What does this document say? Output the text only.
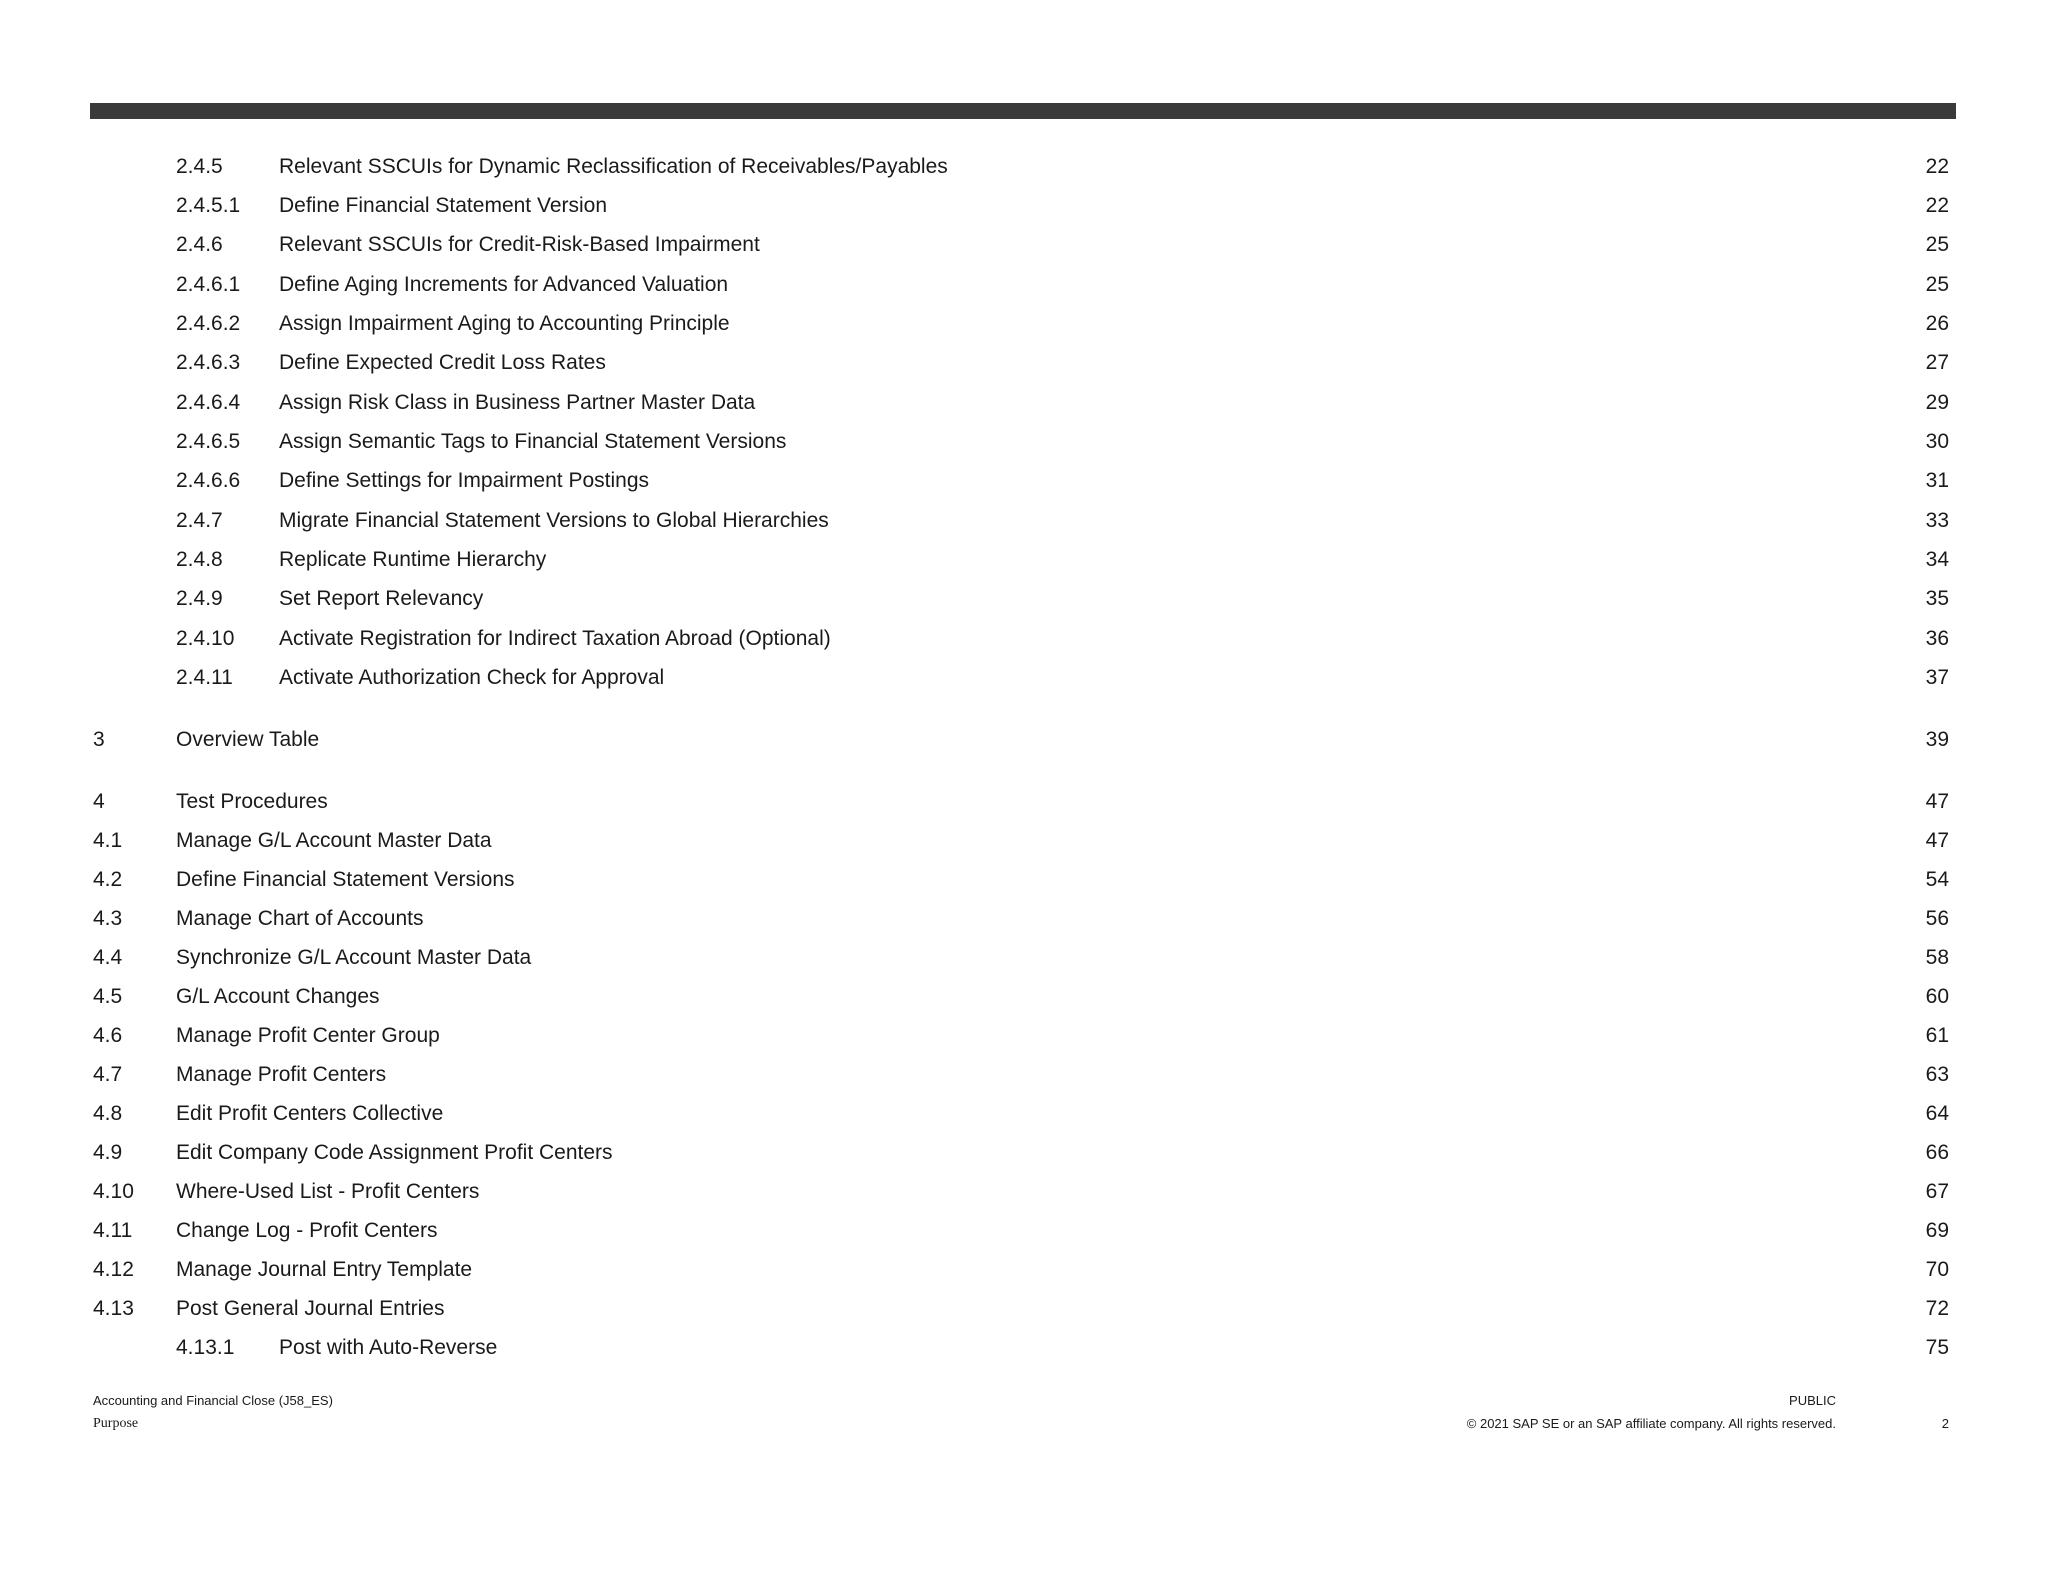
2.4.5	Relevant SSCUIs for Dynamic Reclassification of Receivables/Payables	22
2.4.5.1 Define Financial Statement Version	22
2.4.6	Relevant SSCUIs for Credit-Risk-Based Impairment	25
2.4.6.1 Define Aging Increments for Advanced Valuation	25
2.4.6.2 Assign Impairment Aging to Accounting Principle	26
2.4.6.3 Define Expected Credit Loss Rates	27
2.4.6.4 Assign Risk Class in Business Partner Master Data	29
2.4.6.5 Assign Semantic Tags to Financial Statement Versions	30
2.4.6.6 Define Settings for Impairment Postings	31
2.4.7	Migrate Financial Statement Versions to Global Hierarchies	33
2.4.8	Replicate Runtime Hierarchy	34
2.4.9	Set Report Relevancy	35
2.4.10 Activate Registration for Indirect Taxation Abroad (Optional)	36
2.4.11 Activate Authorization Check for Approval	37
3	Overview Table	39
4	Test Procedures	47
4.1	Manage G/L Account Master Data	47
4.2	Define Financial Statement Versions	54
4.3	Manage Chart of Accounts	56
4.4	Synchronize G/L Account Master Data	58
4.5	G/L Account Changes	60
4.6	Manage Profit Center Group	61
4.7	Manage Profit Centers	63
4.8	Edit Profit Centers Collective	64
4.9	Edit Company Code Assignment Profit Centers	66
4.10 Where-Used List - Profit Centers	67
4.11 Change Log - Profit Centers	69
4.12 Manage Journal Entry Template	70
4.13 Post General Journal Entries	72
4.13.1 Post with Auto-Reverse	75
Accounting and Financial Close (J58_ES)
Purpose
PUBLIC
© 2021 SAP SE or an SAP affiliate company. All rights reserved.	2
